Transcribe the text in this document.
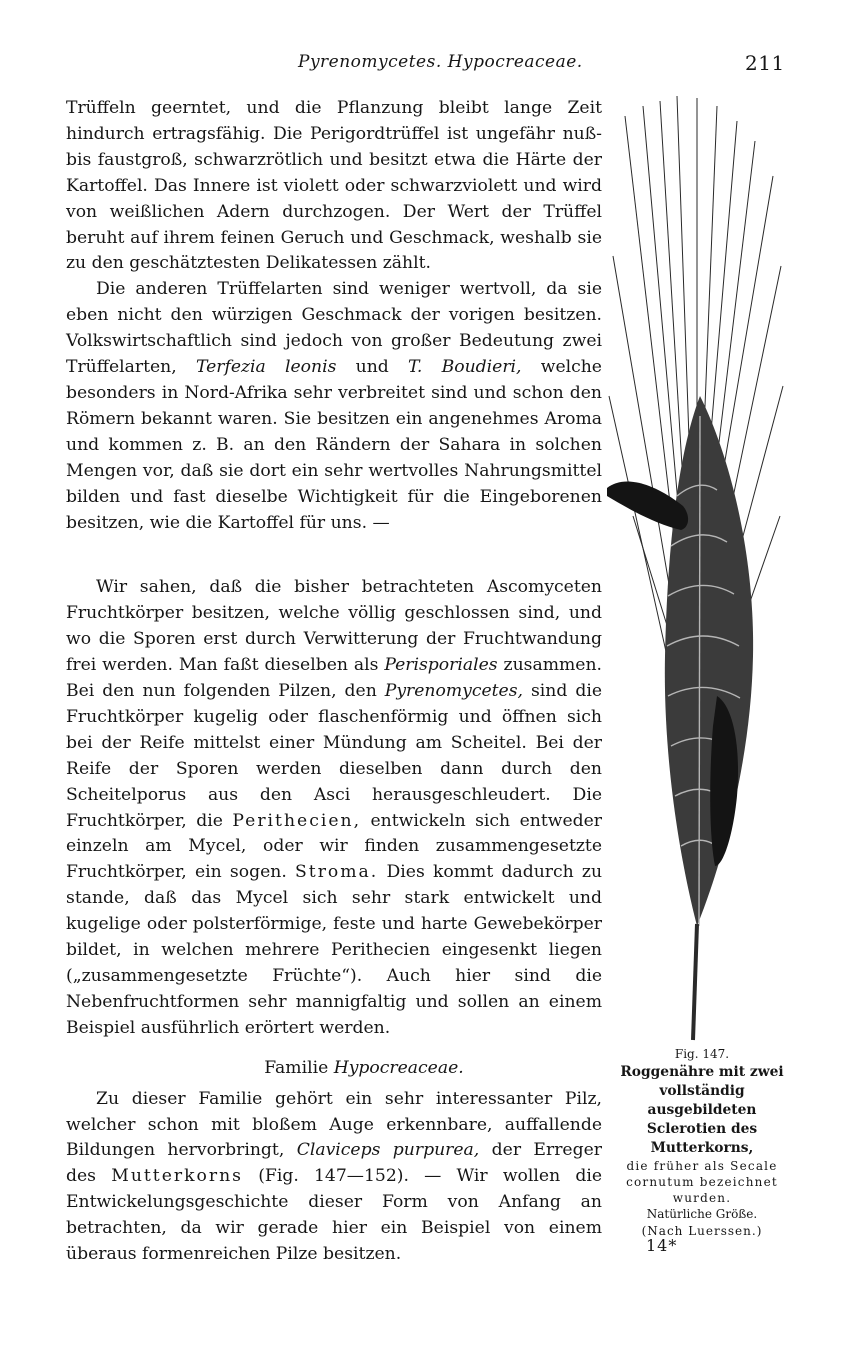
Pyrenomycetes. Hypocreaceae.	211

Trüffeln geerntet, und die Pflanzung bleibt lange Zeit hindurch ertragsfähig. Die Perigordtrüffel ist ungefähr nuß- bis faustgroß, schwarzrötlich und besitzt etwa die Härte der Kartoffel. Das Innere ist violett oder schwarzviolett und wird von weißlichen Adern durchzogen. Der Wert der Trüffel beruht auf ihrem feinen Geruch und Geschmack, weshalb sie zu den geschätztesten Delikatessen zählt.

Die anderen Trüffelarten sind weniger wertvoll, da sie eben nicht den würzigen Geschmack der vorigen besitzen. Volkswirtschaftlich sind jedoch von großer Bedeutung zwei Trüffelarten, Terfezia leonis und T. Boudieri, welche besonders in Nord-Afrika sehr verbreitet sind und schon den Römern bekannt waren. Sie besitzen ein angenehmes Aroma und kommen z. B. an den Rändern der Sahara in solchen Mengen vor, daß sie dort ein sehr wertvolles Nahrungsmittel bilden und fast dieselbe Wichtigkeit für die Eingeborenen besitzen, wie die Kartoffel für uns. —

Wir sahen, daß die bisher betrachteten Ascomyceten Fruchtkörper besitzen, welche völlig geschlossen sind, und wo die Sporen erst durch Verwitterung der Fruchtwandung frei werden. Man faßt dieselben als Perisporiales zusammen. Bei den nun folgenden Pilzen, den Pyrenomycetes, sind die Fruchtkörper kugelig oder flaschenförmig und öffnen sich bei der Reife mittelst einer Mündung am Scheitel. Bei der Reife der Sporen werden dieselben dann durch den Scheitelporus aus den Asci herausgeschleudert. Die Fruchtkörper, die Perithecien, entwickeln sich entweder einzeln am Mycel, oder wir finden zusammengesetzte Fruchtkörper, ein sogen. Stroma. Dies kommt dadurch zu stande, daß das Mycel sich sehr stark entwickelt und kugelige oder polsterförmige, feste und harte Gewebekörper bildet, in welchen mehrere Perithecien eingesenkt liegen („zusammengesetzte Früchte“). Auch hier sind die Nebenfruchtformen sehr mannigfaltig und sollen an einem Beispiel ausführlich erörtert werden.

Familie Hypocreaceae.

Zu dieser Familie gehört ein sehr interessanter Pilz, welcher schon mit bloßem Auge erkennbare, auffallende Bildungen hervorbringt, Claviceps purpurea, der Erreger des Mutterkorns (Fig. 147—152). — Wir wollen die Entwickelungsgeschichte dieser Form von Anfang an betrachten, da wir gerade hier ein Beispiel von einem überaus formenreichen Pilze besitzen.

Fig. 147.
Roggenähre mit zwei vollständig ausgebildeten Sclerotien des Mutterkorns,
die früher als Secale cornutum bezeichnet wurden.
Natürliche Größe.
(Nach Luerssen.)
14*
